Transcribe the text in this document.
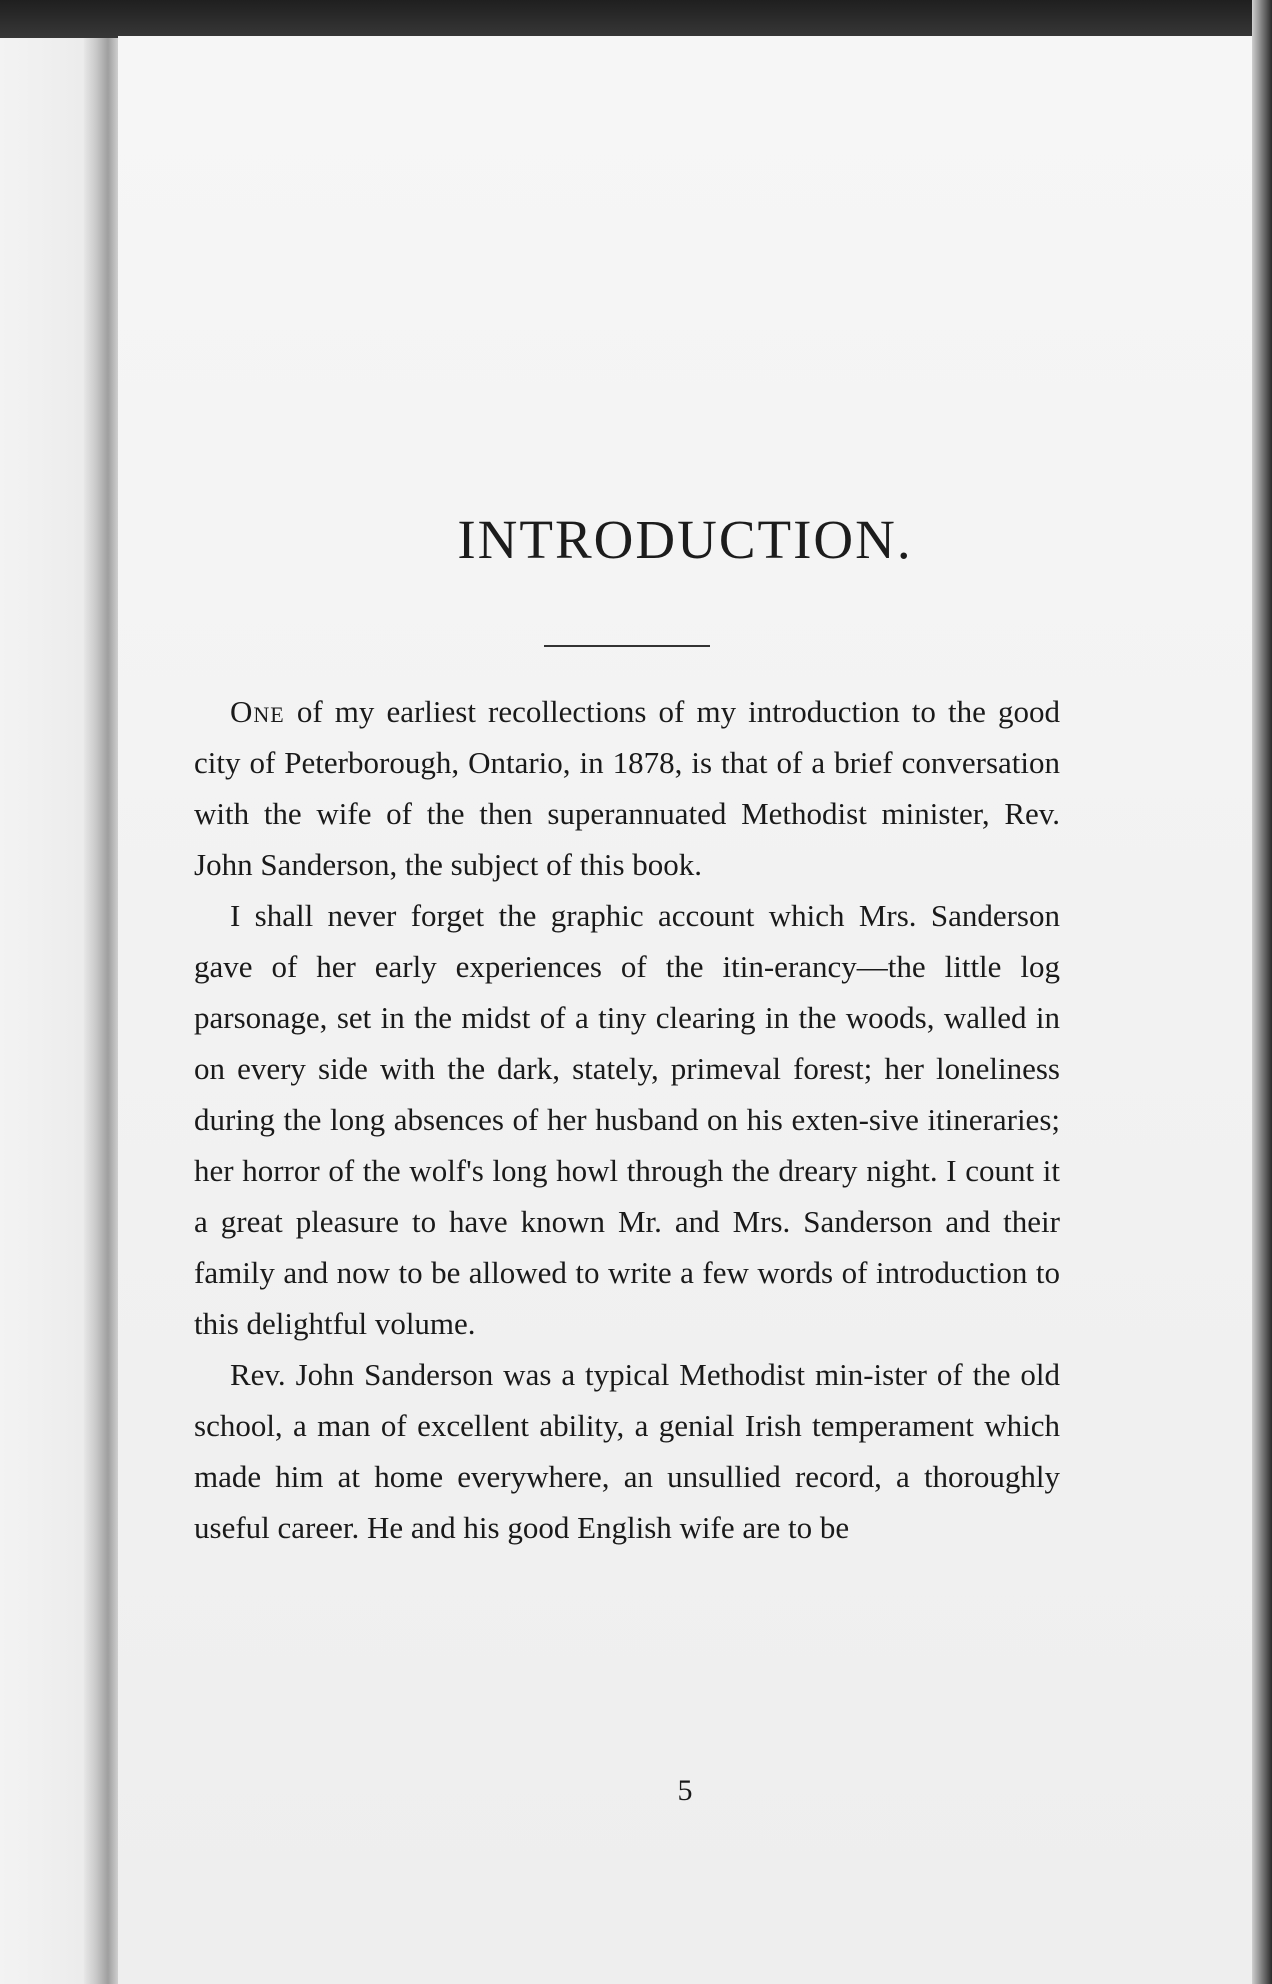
INTRODUCTION.

One of my earliest recollections of my introduction to the good city of Peterborough, Ontario, in 1878, is that of a brief conversation with the wife of the then superannuated Methodist minister, Rev. John Sanderson, the subject of this book.

I shall never forget the graphic account which Mrs. Sanderson gave of her early experiences of the itin-erancy—the little log parsonage, set in the midst of a tiny clearing in the woods, walled in on every side with the dark, stately, primeval forest; her loneliness during the long absences of her husband on his exten-sive itineraries; her horror of the wolf's long howl through the dreary night. I count it a great pleasure to have known Mr. and Mrs. Sanderson and their family and now to be allowed to write a few words of introduction to this delightful volume.

Rev. John Sanderson was a typical Methodist min-ister of the old school, a man of excellent ability, a genial Irish temperament which made him at home everywhere, an unsullied record, a thoroughly useful career. He and his good English wife are to be

5
